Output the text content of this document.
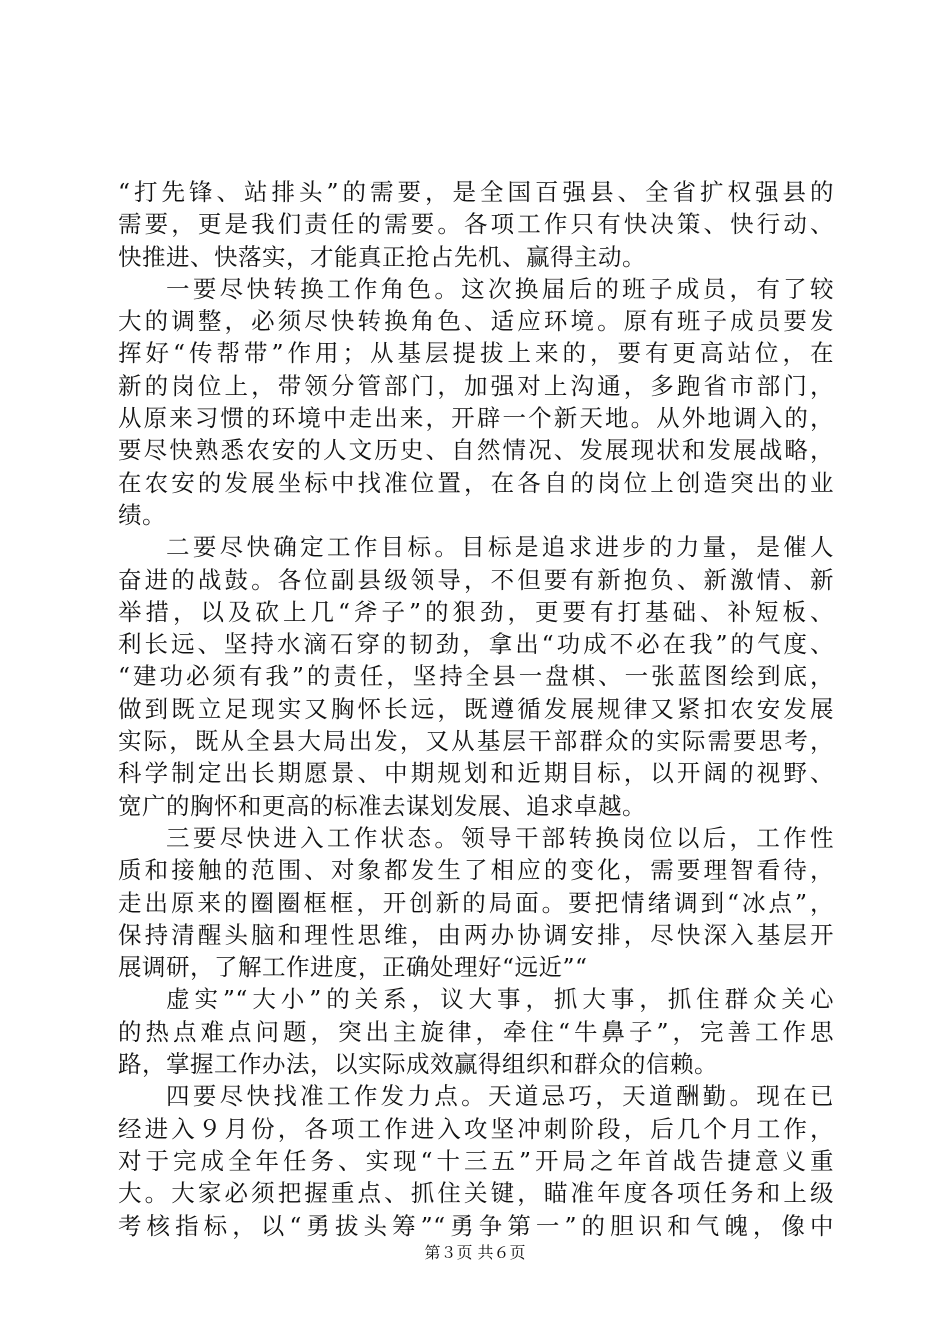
“打先锋、站排头”的需要，是全国百强县、全省扩权强县的
需要，更是我们责任的需要。各项工作只有快决策、快行动、
快推进、快落实，才能真正抢占先机、赢得主动。
一要尽快转换工作角色。这次换届后的班子成员，有了较
大的调整，必须尽快转换角色、适应环境。原有班子成员要发
挥好“传帮带”作用；从基层提拔上来的，要有更高站位，在
新的岗位上，带领分管部门，加强对上沟通，多跑省市部门，
从原来习惯的环境中走出来，开辟一个新天地。从外地调入的，
要尽快熟悉农安的人文历史、自然情况、发展现状和发展战略，
在农安的发展坐标中找准位置，在各自的岗位上创造突出的业
绩。
二要尽快确定工作目标。目标是追求进步的力量，是催人
奋进的战鼓。各位副县级领导，不但要有新抱负、新激情、新
举措，以及砍上几“斧子”的狠劲，更要有打基础、补短板、
利长远、坚持水滴石穿的韧劲，拿出“功成不必在我”的气度、
“建功必须有我”的责任，坚持全县一盘棋、一张蓝图绘到底，
做到既立足现实又胸怀长远，既遵循发展规律又紧扣农安发展
实际，既从全县大局出发，又从基层干部群众的实际需要思考，
科学制定出长期愿景、中期规划和近期目标，以开阔的视野、
宽广的胸怀和更高的标准去谋划发展、追求卓越。
三要尽快进入工作状态。领导干部转换岗位以后，工作性
质和接触的范围、对象都发生了相应的变化，需要理智看待，
走出原来的圈圈框框，开创新的局面。要把情绪调到“冰点”，
保持清醒头脑和理性思维，由两办协调安排，尽快深入基层开
展调研，了解工作进度，正确处理好“远近”“
虚实”“大小”的关系，议大事，抓大事，抓住群众关心
的热点难点问题，突出主旋律，牵住“牛鼻子”，完善工作思
路，掌握工作办法，以实际成效赢得组织和群众的信赖。
四要尽快找准工作发力点。天道忌巧，天道酬勤。现在已
经进入９月份，各项工作进入攻坚冲刺阶段，后几个月工作，
对于完成全年任务、实现“十三五”开局之年首战告捷意义重
大。大家必须把握重点、抓住关键，瞄准年度各项任务和上级
考核指标，以“勇拔头筹”“勇争第一”的胆识和气魄，像中
第３页 共６页
